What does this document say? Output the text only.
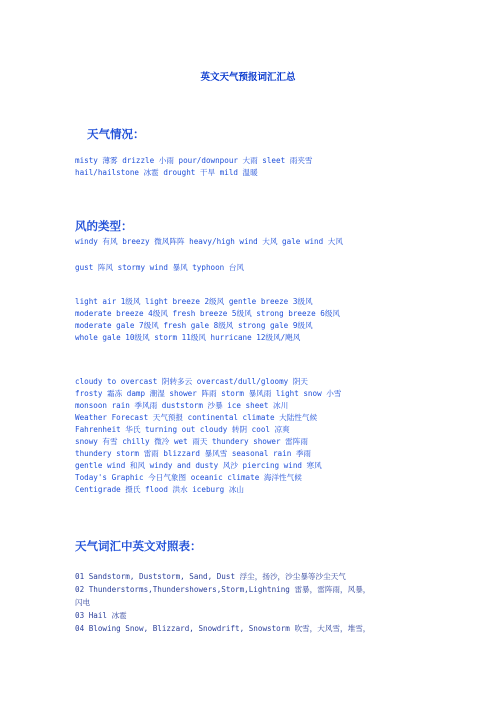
英文天气预报词汇汇总
天气情况：
misty 薄雾 drizzle 小雨 pour/downpour 大雨 sleet 雨夹雪
hail/hailstone 冰雹 drought 干旱 mild 温暖
风的类型：
windy 有风 breezy 微风阵阵 heavy/high wind 大风 gale wind 大风
gust 阵风 stormy wind 暴风 typhoon 台风
light air 1级风 light breeze 2级风 gentle breeze 3级风
moderate breeze 4级风 fresh breeze 5级风 strong breeze 6级风
moderate gale 7级风 fresh gale 8级风 strong gale 9级风
whole gale 10级风 storm 11级风 hurricane 12级风/飓风
cloudy to overcast 阴转多云 overcast/dull/gloomy 阴天
frosty 霜冻 damp 潮湿 shower 阵雨 storm 暴风雨 light snow 小雪
monsoon rain 季风雨 duststorm 沙暴 ice sheet 冰川
Weather Forecast 天气预报 continental climate 大陆性气候
Fahrenheit 华氏 turning out cloudy 转阴 cool 凉爽
snowy 有雪 chilly 微冷 wet 雨天 thundery shower 雷阵雨
thundery storm 雷雨 blizzard 暴风雪 seasonal rain 季雨
gentle wind 和风 windy and dusty 风沙 piercing wind 寒风
Today's Graphic 今日气象图 oceanic climate 海洋性气候
Centigrade 摄氏 flood 洪水 iceburg 冰山
天气词汇中英文对照表：
01 Sandstorm, Duststorm, Sand, Dust 浮尘，扬沙，沙尘暴等沙尘天气
02 Thunderstorms,Thundershowers,Storm,Lightning 雷暴，雷阵雨，风暴，
闪电
03 Hail 冰雹
04 Blowing Snow, Blizzard, Snowdrift, Snowstorm 吹雪，大风雪，堆雪，
